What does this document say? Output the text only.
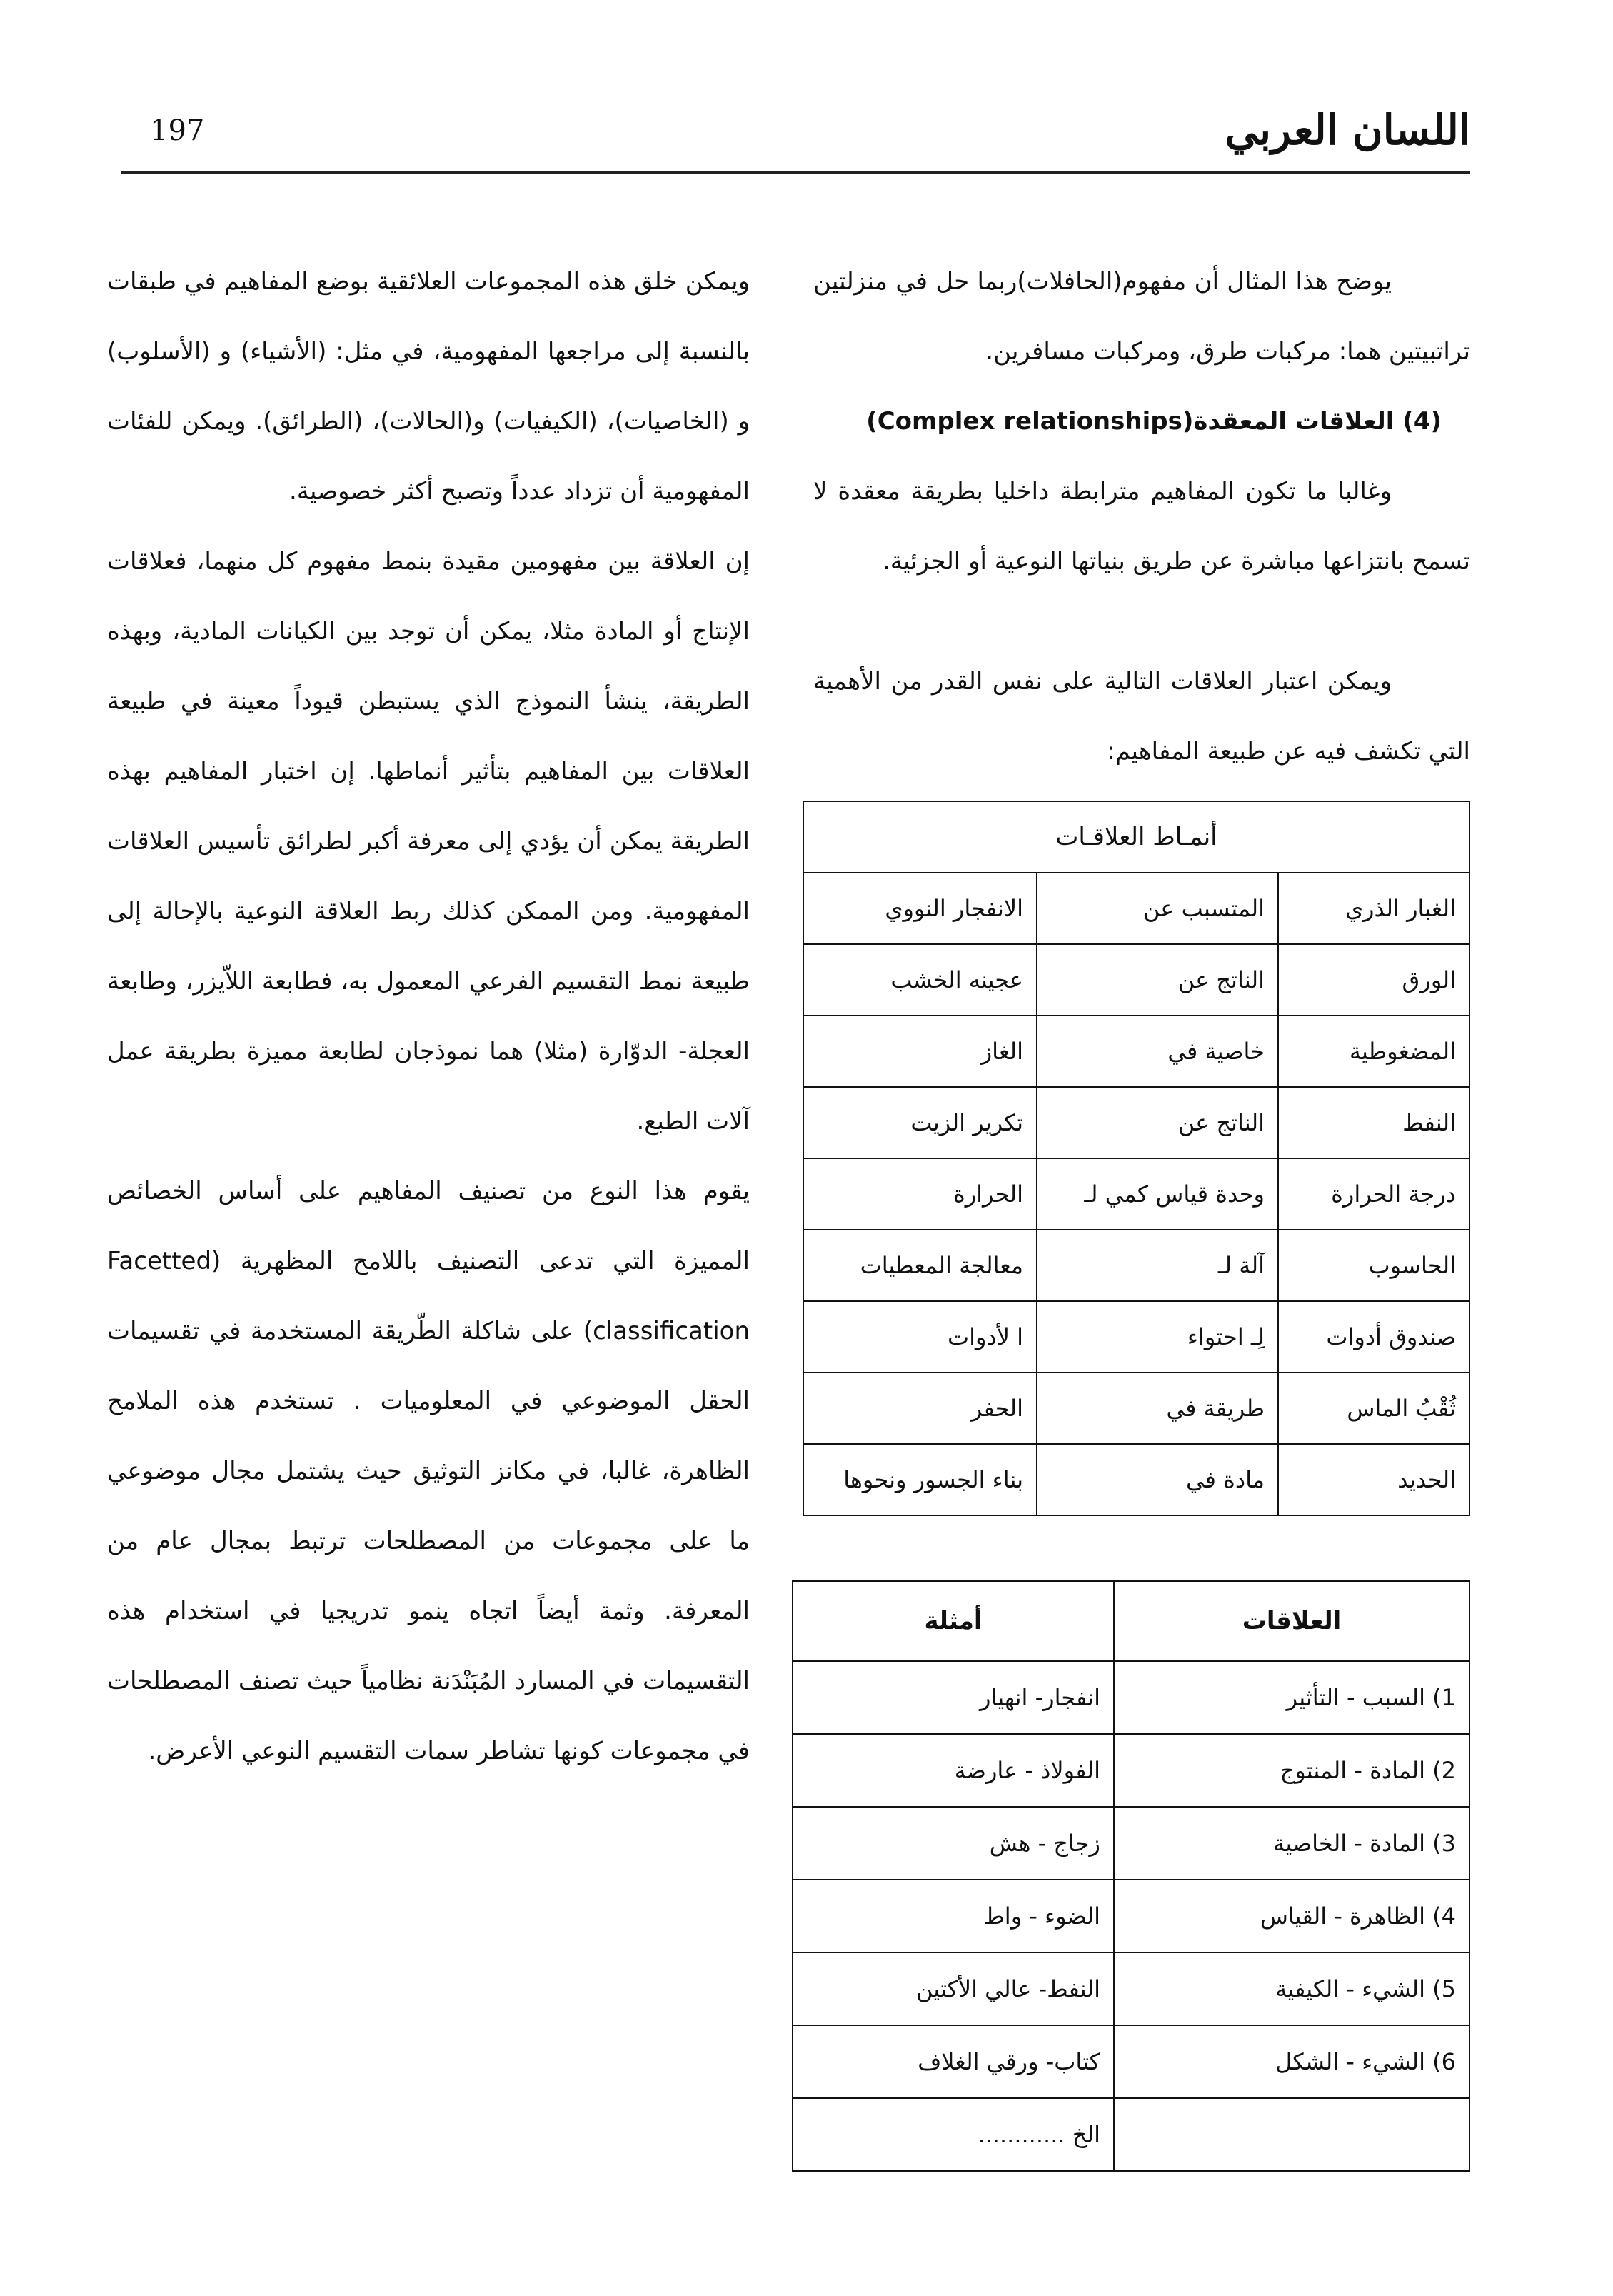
اللسان العربي
197

يوضح هذا المثال أن مفهوم(الحافلات)ربما حل في منزلتين تراتبيتين هما: مركبات طرق، ومركبات مسافرين.

(4) العلاقات المعقدة(Complex relationships)

وغالبا ما تكون المفاهيم مترابطة داخليا بطريقة معقدة لا تسمح بانتزاعها مباشرة عن طريق بنياتها النوعية أو الجزئية.

ويمكن اعتبار العلاقات التالية على نفس القدر من الأهمية التي تكشف فيه عن طبيعة المفاهيم:

أنمـاط العلاقـات		
الغبار الذري	المتسبب عن	الانفجار النووي
الورق	الناتج عن	عجينه الخشب
المضغوطية	خاصية في	الغاز
النفط	الناتج عن	تكرير الزيت
درجة الحرارة	وحدة قياس كمي لـ	الحرارة
الحاسوب	آلة لـ	معالجة المعطيات
صندوق أدوات	لِـ احتواء	ا لأدوات
ثُقْبُ الماس	طريقة في	الحفر
الحديد	مادة في	بناء الجسور ونحوها
العلاقات	أمثلة
1) السبب - التأثير	انفجار- انهيار
2) المادة - المنتوج	الفولاذ - عارضة
3) المادة - الخاصية	زجاج - هش
4) الظاهرة - القياس	الضوء - واط
5) الشيء - الكيفية	النفط- عالي الأكتين
6) الشيء - الشكل	كتاب- ورقي الغلاف
	الخ ............

ويمكن خلق هذه المجموعات العلائقية بوضع المفاهيم في طبقات بالنسبة إلى مراجعها المفهومية، في مثل: (الأشياء) و (الأسلوب) و (الخاصيات)، (الكيفيات) و(الحالات)، (الطرائق). ويمكن للفئات المفهومية أن تزداد عدداً وتصبح أكثر خصوصية.

إن العلاقة بين مفهومين مقيدة بنمط مفهوم كل منهما، فعلاقات الإنتاج أو المادة مثلا، يمكن أن توجد بين الكيانات المادية، وبهذه الطريقة، ينشأ النموذج الذي يستبطن قيوداً معينة في طبيعة العلاقات بين المفاهيم بتأثير أنماطها. إن اختبار المفاهيم بهذه الطريقة يمكن أن يؤدي إلى معرفة أكبر لطرائق تأسيس العلاقات المفهومية. ومن الممكن كذلك ربط العلاقة النوعية بالإحالة إلى طبيعة نمط التقسيم الفرعي المعمول به، فطابعة اللاّيزر، وطابعة العجلة- الدوّارة (مثلا) هما نموذجان لطابعة مميزة بطريقة عمل آلات الطبع.

يقوم هذا النوع من تصنيف المفاهيم على أساس الخصائص المميزة التي تدعى التصنيف باللامح المظهرية (Facetted classification) على شاكلة الطّريقة المستخدمة في تقسيمات الحقل الموضوعي في المعلوميات . تستخدم هذه الملامح الظاهرة، غالبا، في مكانز التوثيق حيث يشتمل مجال موضوعي ما على مجموعات من المصطلحات ترتبط بمجال عام من المعرفة. وثمة أيضاً اتجاه ينمو تدريجيا في استخدام هذه التقسيمات في المسارد المُبَنْدَنة نظامياً حيث تصنف المصطلحات في مجموعات كونها تشاطر سمات التقسيم النوعي الأعرض.
